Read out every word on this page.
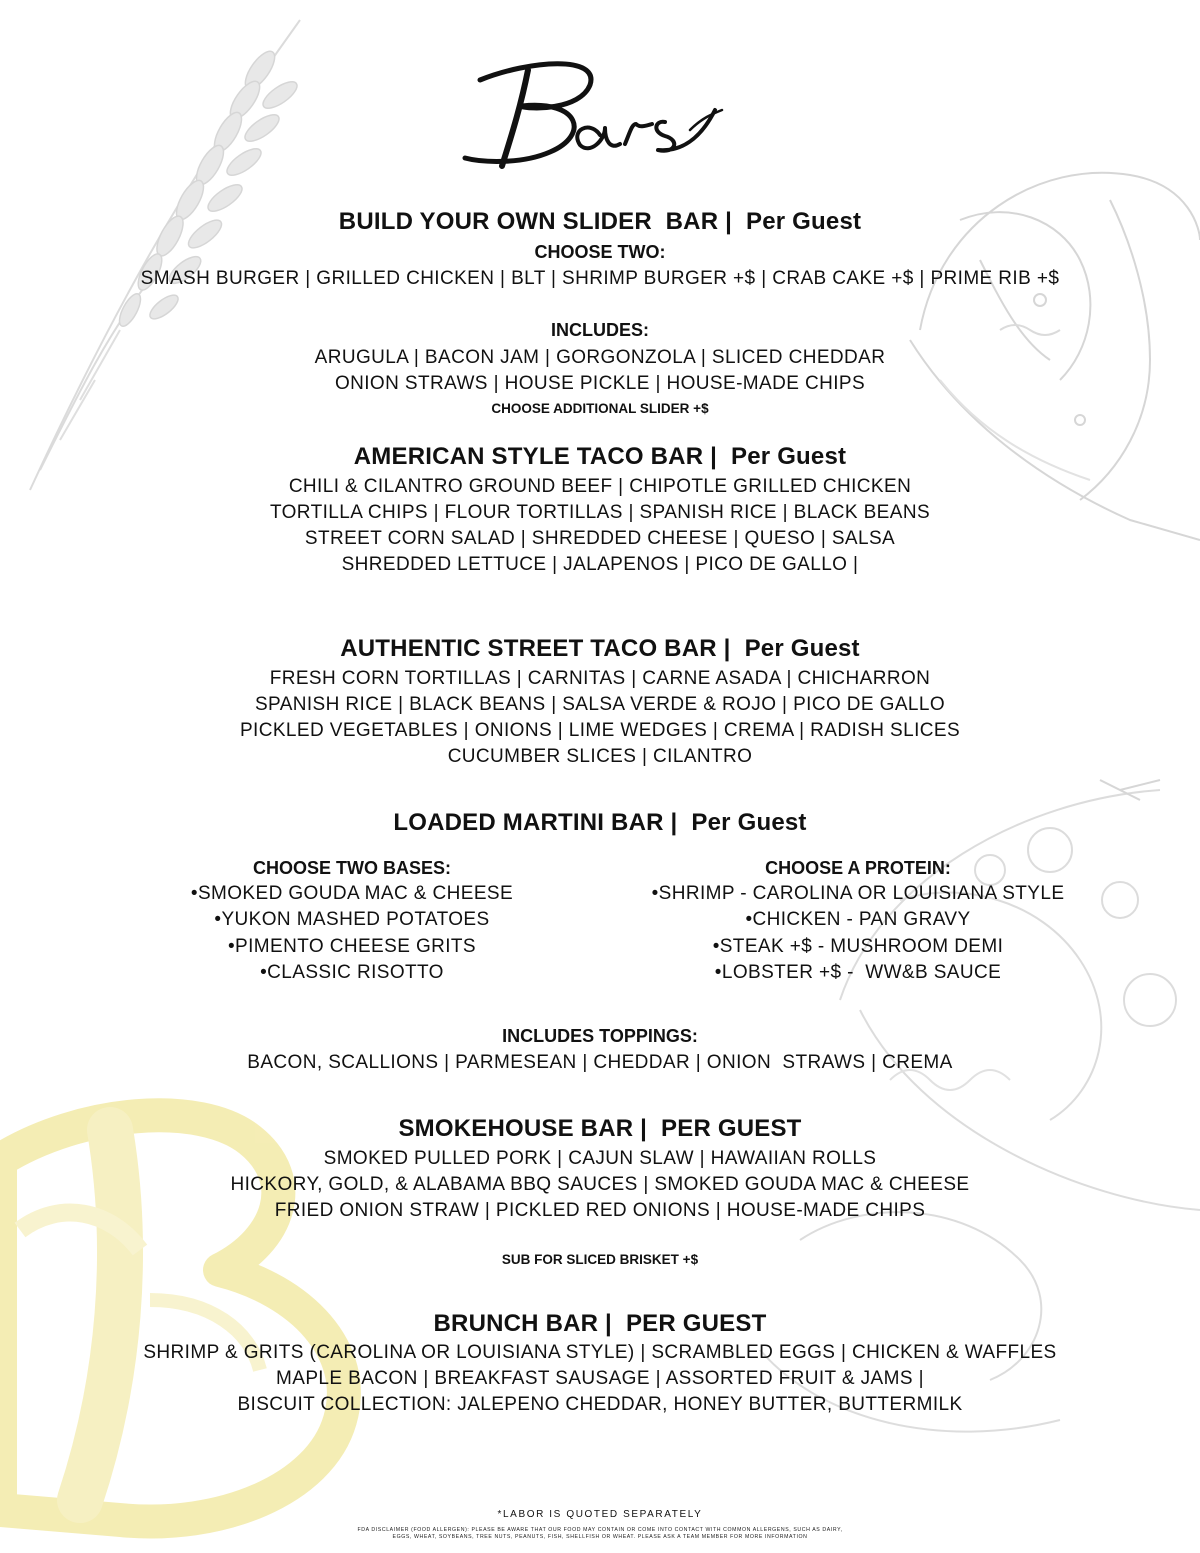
BUILD YOUR OWN SLIDER  BAR | Per Guest
CHOOSE TWO:
SMASH BURGER | GRILLED CHICKEN | BLT | SHRIMP BURGER +$ | CRAB CAKE +$ | PRIME RIB +$
INCLUDES:
ARUGULA | BACON JAM | GORGONZOLA | SLICED CHEDDAR
ONION STRAWS | HOUSE PICKLE | HOUSE-MADE CHIPS
CHOOSE ADDITIONAL SLIDER +$
AMERICAN STYLE TACO BAR | Per Guest
CHILI & CILANTRO GROUND BEEF | CHIPOTLE GRILLED CHICKEN
TORTILLA CHIPS | FLOUR TORTILLAS | SPANISH RICE | BLACK BEANS
STREET CORN SALAD | SHREDDED CHEESE | QUESO | SALSA
SHREDDED LETTUCE | JALAPENOS | PICO DE GALLO |
AUTHENTIC STREET TACO BAR | Per Guest
FRESH CORN TORTILLAS | CARNITAS | CARNE ASADA | CHICHARRON
SPANISH RICE | BLACK BEANS | SALSA VERDE & ROJO | PICO DE GALLO
PICKLED VEGETABLES | ONIONS | LIME WEDGES | CREMA | RADISH SLICES
CUCUMBER SLICES | CILANTRO
LOADED MARTINI BAR | Per Guest
CHOOSE TWO BASES:
•SMOKED GOUDA MAC & CHEESE
•YUKON MASHED POTATOES
•PIMENTO CHEESE GRITS
•CLASSIC RISOTTO
CHOOSE A PROTEIN:
•SHRIMP - CAROLINA OR LOUISIANA STYLE
•CHICKEN - PAN GRAVY
•STEAK +$ - MUSHROOM DEMI
•LOBSTER +$ -  WW&B SAUCE
INCLUDES TOPPINGS:
BACON, SCALLIONS | PARMESEAN | CHEDDAR | ONION  STRAWS | CREMA
SMOKEHOUSE BAR | PER GUEST
SMOKED PULLED PORK | CAJUN SLAW | HAWAIIAN ROLLS
HICKORY, GOLD, & ALABAMA BBQ SAUCES | SMOKED GOUDA MAC & CHEESE
FRIED ONION STRAW | PICKLED RED ONIONS | HOUSE-MADE CHIPS
SUB FOR SLICED BRISKET +$
BRUNCH BAR | PER GUEST
SHRIMP & GRITS (CAROLINA OR LOUISIANA STYLE) | SCRAMBLED EGGS | CHICKEN & WAFFLES
MAPLE BACON | BREAKFAST SAUSAGE | ASSORTED FRUIT & JAMS |
BISCUIT COLLECTION: JALEPENO CHEDDAR, HONEY BUTTER, BUTTERMILK
*LABOR IS QUOTED SEPARATELY
FDA DISCLAIMER (FOOD ALLERGEN): PLEASE BE AWARE THAT OUR FOOD MAY CONTAIN OR COME INTO CONTACT WITH COMMON ALLERGENS, SUCH AS DAIRY,
EGGS, WHEAT, SOYBEANS, TREE NUTS, PEANUTS, FISH, SHELLFISH OR WHEAT. PLEASE ASK A TEAM MEMBER FOR MORE INFORMATION
